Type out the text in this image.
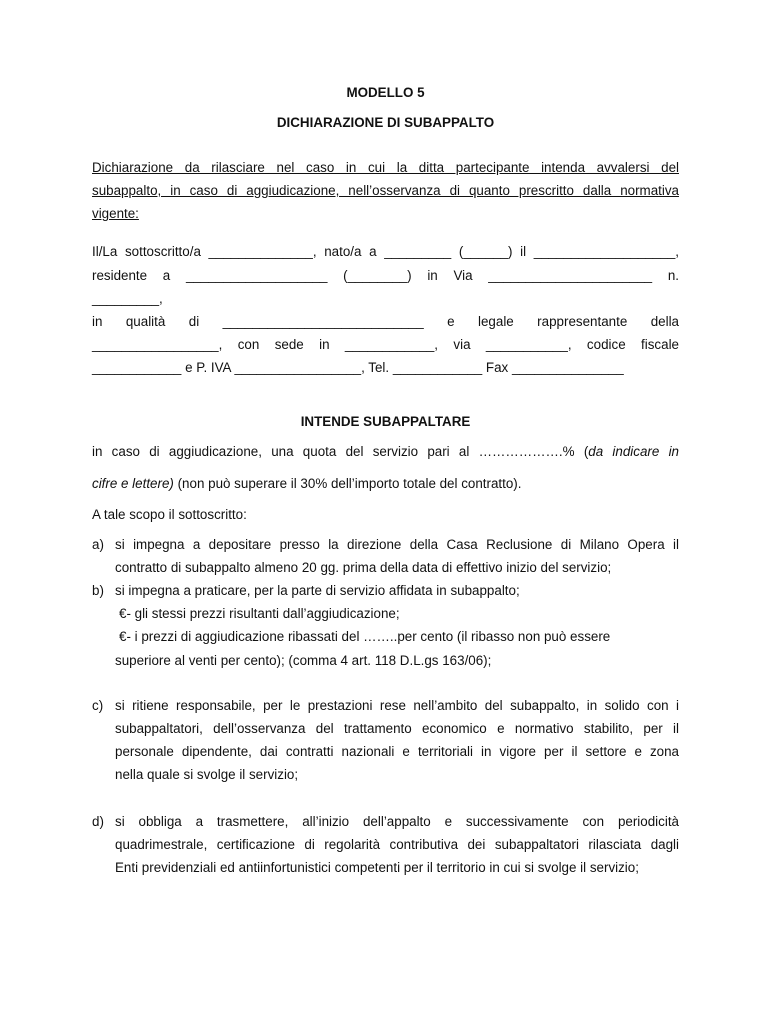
MODELLO 5
DICHIARAZIONE DI SUBAPPALTO
Dichiarazione da rilasciare nel caso in cui la ditta partecipante intenda avvalersi del
subappalto, in caso di aggiudicazione, nell’osservanza di quanto prescritto dalla normativa
vigente:
Il/La sottoscritto/a ______________, nato/a a _________ (______) il ___________________,
residente a ___________________ (________) in Via ______________________ n.
_________,
in qualità di ___________________________ e legale rappresentante della
_________________, con sede in ____________, via ___________, codice fiscale
____________ e P. IVA _________________, Tel. ____________ Fax _______________
INTENDE SUBAPPALTARE
in caso di aggiudicazione, una quota del servizio pari al ……………….% (da indicare in
cifre e lettere) (non può superare il 30% dell’importo totale del contratto).
A tale scopo il sottoscritto:
a) si impegna a depositare presso la direzione della Casa Reclusione di Milano Opera il
contratto di subappalto almeno 20 gg. prima della data di effettivo inizio del servizio;
b) si impegna a praticare, per la parte di servizio affidata in subappalto;
€- gli stessi prezzi risultanti dall’aggiudicazione;
€- i prezzi di aggiudicazione ribassati del ……..per cento (il ribasso non può essere
superiore al venti per cento); (comma 4 art. 118 D.L.gs 163/06);
c) si ritiene responsabile, per le prestazioni rese nell’ambito del subappalto, in solido con i
subappaltatori, dell’osservanza del trattamento economico e normativo stabilito, per il
personale dipendente, dai contratti nazionali e territoriali in vigore per il settore e zona
nella quale si svolge il servizio;
d) si obbliga a trasmettere, all’inizio dell’appalto e successivamente con periodicità
quadrimestrale, certificazione di regolarità contributiva dei subappaltatori rilasciata dagli
Enti previdenziali ed antiinfortunistici competenti per il territorio in cui si svolge il servizio;
